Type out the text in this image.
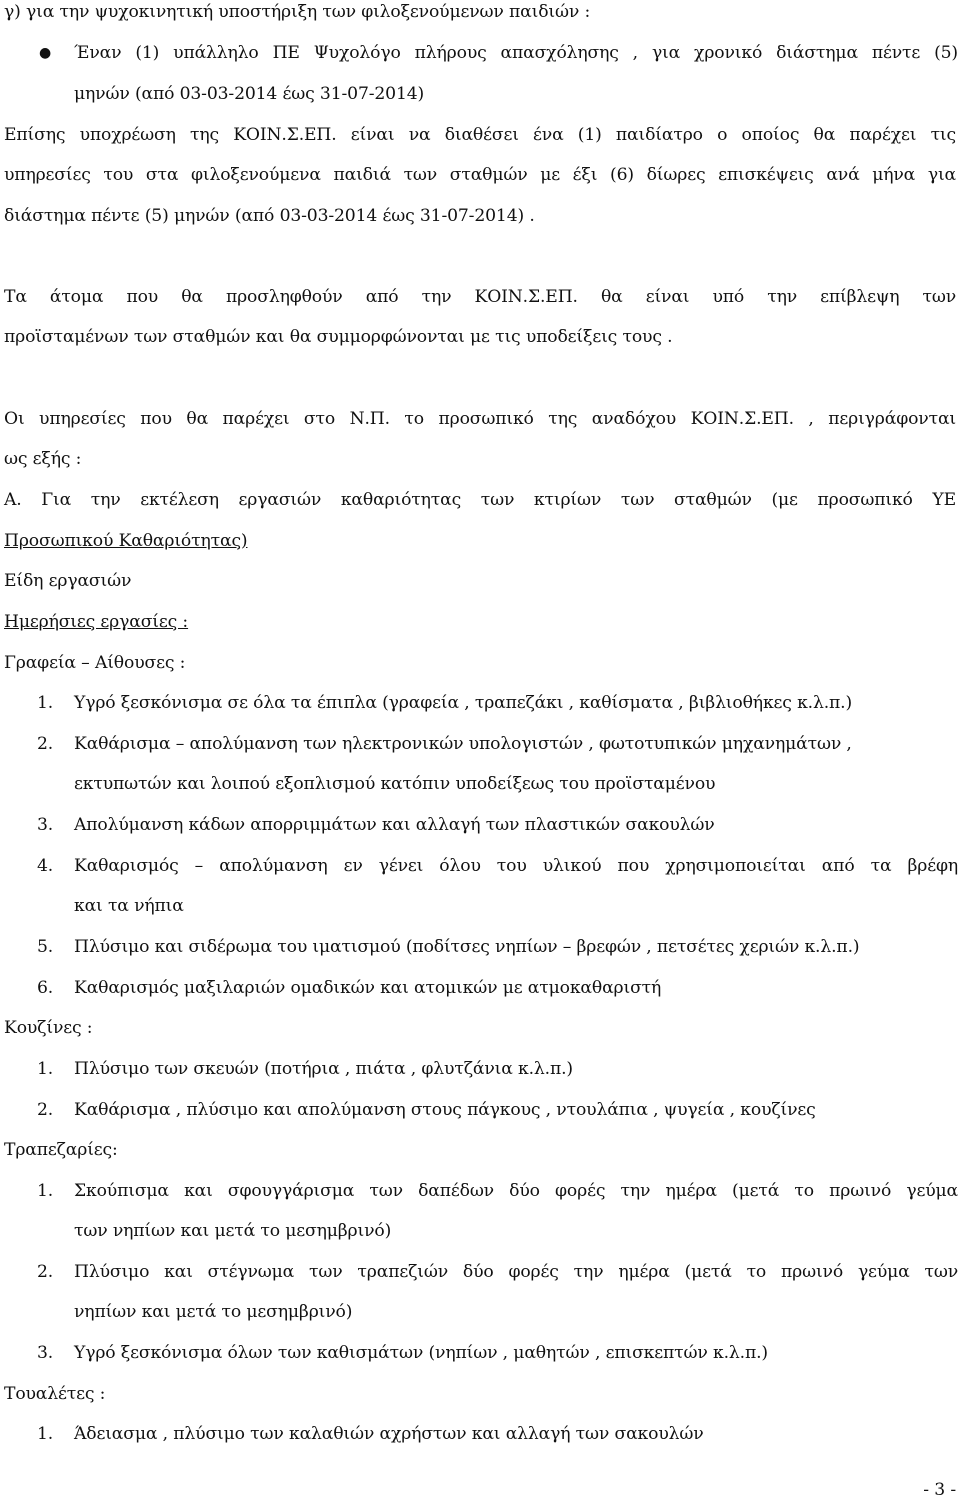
γ) για την ψυχοκινητική υποστήριξη των φιλοξενούμενων παιδιών :
● Έναν (1) υπάλληλο ΠΕ Ψυχολόγο πλήρους απασχόλησης , για χρονικό διάστημα πέντε (5)
μηνών (από 03-03-2014 έως 31-07-2014)
Επίσης υποχρέωση της ΚΟΙΝ.Σ.ΕΠ. είναι να διαθέσει ένα (1) παιδίατρο ο οποίος θα παρέχει τις
υπηρεσίες του στα φιλοξενούμενα παιδιά των σταθμών με έξι (6) δίωρες επισκέψεις ανά μήνα για
διάστημα πέντε (5) μηνών (από 03-03-2014 έως 31-07-2014) .
Τα άτομα που θα προσληφθούν από την ΚΟΙΝ.Σ.ΕΠ. θα είναι υπό την επίβλεψη των
προϊσταμένων των σταθμών και θα συμμορφώνονται με τις υποδείξεις τους .
Οι υπηρεσίες που θα παρέχει στο Ν.Π. το προσωπικό της αναδόχου ΚΟΙΝ.Σ.ΕΠ. , περιγράφονται
ως εξής :
Α. Για την εκτέλεση εργασιών καθαριότητας των κτιρίων των σταθμών (με προσωπικό ΥΕ
Προσωπικού Καθαριότητας)
Είδη εργασιών
Ημερήσιες εργασίες :
Γραφεία – Αίθουσες :
1. Υγρό ξεσκόνισμα σε όλα τα έπιπλα (γραφεία , τραπεζάκι , καθίσματα , βιβλιοθήκες κ.λ.π.)
2. Καθάρισμα – απολύμανση των ηλεκτρονικών υπολογιστών , φωτοτυπικών μηχανημάτων ,
εκτυπωτών και λοιπού εξοπλισμού κατόπιν υποδείξεως του προϊσταμένου
3. Απολύμανση κάδων απορριμμάτων και αλλαγή των πλαστικών σακουλών
4. Καθαρισμός – απολύμανση εν γένει όλου του υλικού που χρησιμοποιείται από τα βρέφη
και τα νήπια
5. Πλύσιμο και σιδέρωμα του ιματισμού (ποδίτσες νηπίων – βρεφών , πετσέτες χεριών κ.λ.π.)
6. Καθαρισμός μαξιλαριών ομαδικών και ατομικών με ατμοκαθαριστή
Κουζίνες :
1. Πλύσιμο των σκευών (ποτήρια , πιάτα , φλυτζάνια κ.λ.π.)
2. Καθάρισμα , πλύσιμο και απολύμανση στους πάγκους , ντουλάπια , ψυγεία , κουζίνες
Τραπεζαρίες:
1. Σκούπισμα και σφουγγάρισμα των δαπέδων δύο φορές την ημέρα (μετά το πρωινό γεύμα
των νηπίων και μετά το μεσημβρινό)
2. Πλύσιμο και στέγνωμα των τραπεζιών δύο φορές την ημέρα (μετά το πρωινό γεύμα των
νηπίων και μετά το μεσημβρινό)
3. Υγρό ξεσκόνισμα όλων των καθισμάτων (νηπίων , μαθητών , επισκεπτών κ.λ.π.)
Τουαλέτες :
1. Άδειασμα , πλύσιμο των καλαθιών αχρήστων και αλλαγή των σακουλών
- 3 -
